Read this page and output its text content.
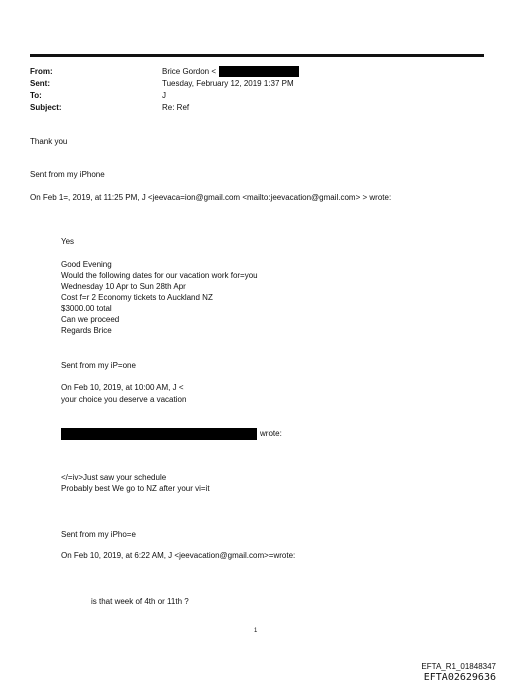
From:	Brice Gordon <
Sent:	Tuesday, February 12, 2019 1:37 PM
To:	J
Subject:	Re: Ref
Thank you
Sent from my iPhone
On Feb 1=, 2019, at 11:25 PM, J <jeevaca=ion@gmail.com <mailto:jeevacation@gmail.com> > wrote:
Yes
Good Evening
Would the following dates for our vacation work for=you
Wednesday 10 Apr to Sun 28th Apr
Cost f=r 2 Economy tickets to Auckland NZ
$3000.00 total
Can we proceed
Regards Brice
Sent from my iP=one
On Feb 10, 2019, at 10:00 AM, J <
your choice you deserve a vacation
wrote:
</=iv>Just saw your schedule
Probably best We go to NZ after your vi=it
Sent from my iPho=e
On Feb 10, 2019, at 6:22 AM, J <jeevacation@gmail.com>=wrote:
is that week of 4th or 11th ?
1
EFTA_R1_01848347
EFTA02629636
